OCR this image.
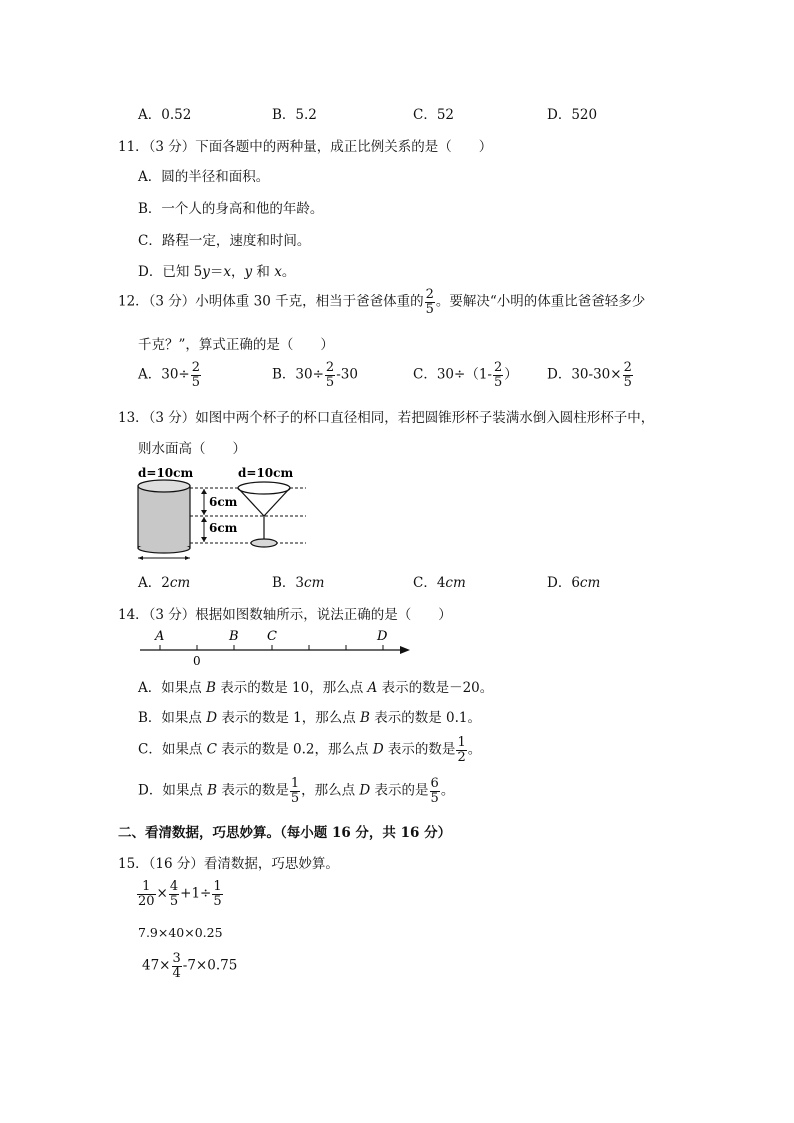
A．0.52	B．5.2	C．52	D．520
11．（3 分）下面各题中的两种量，成正比例关系的是（　　）
A．圆的半径和面积。
B．一个人的身高和他的年龄。
C．路程一定，速度和时间。
D．已知 5y＝x，y 和 x。
12．（3 分）小明体重 30 千克，相当于爸爸体重的 $\frac{2}{5}$ 。要解决“小明的体重比爸爸轻多少
千克？”，算式正确的是（　　）
A．$30\div \frac{2}{5}$	B．$30\div \frac{2}{5} -30$	C．$30\div(1- \frac{2}{5}$ ） D．$30-30\times \frac{2}{5}$
13．（3 分）如图中两个杯子的杯口直径相同，若把圆锥形杯子装满水倒入圆柱形杯子中，
则水面高（　　）
d=10cm	d=10cm
6cm
6cm
A．2cm	B．3cm	C．4cm	D．6cm
14．（3 分）根据如图数轴所示，说法正确的是（　　）
A	B C	D
0
A．如果点 B 表示的数是 10，那么点 A 表示的数是－20。
B．如果点 D 表示的数是 1，那么点 B 表示的数是 0.1。
C．如果点 C 表示的数是 0.2，那么点 D 表示的数是 $\frac{1}{2}$ 。
D．如果点 B 表示的数是 $\frac{1}{5}$ ，那么点 D 表示的是 $\frac{6}{5}$ 。
二、看清数据，巧思妙算。（每小题 16 分，共 16 分）
15．（16 分）看清数据，巧思妙算。
$\frac{1}{20} \times \frac{4}{5} +1\div \frac{1}{5}$
7.9×40×0.25
$47\times \frac{3}{4} -7\times 0.75$
